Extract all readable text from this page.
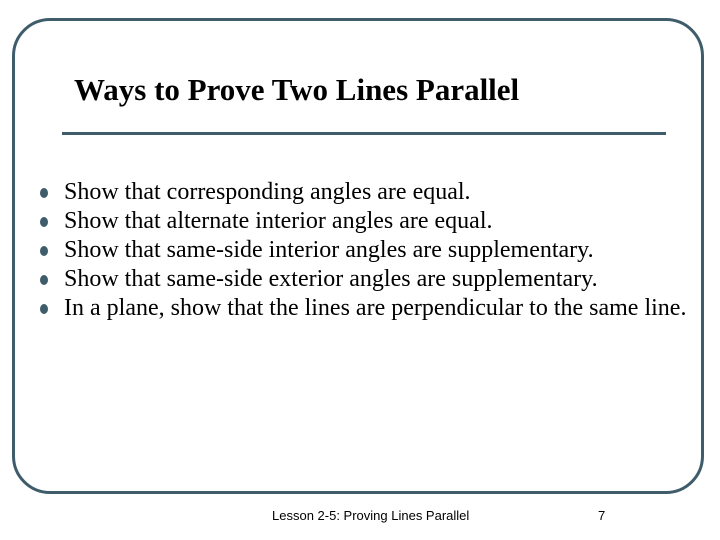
Ways to Prove Two Lines Parallel
Show that corresponding angles are equal.
Show that alternate interior angles are equal.
Show that same-side interior angles are supplementary.
Show that same-side exterior angles are supplementary.
In a plane, show that the lines are perpendicular to the same line.
Lesson 2-5: Proving Lines Parallel	7
